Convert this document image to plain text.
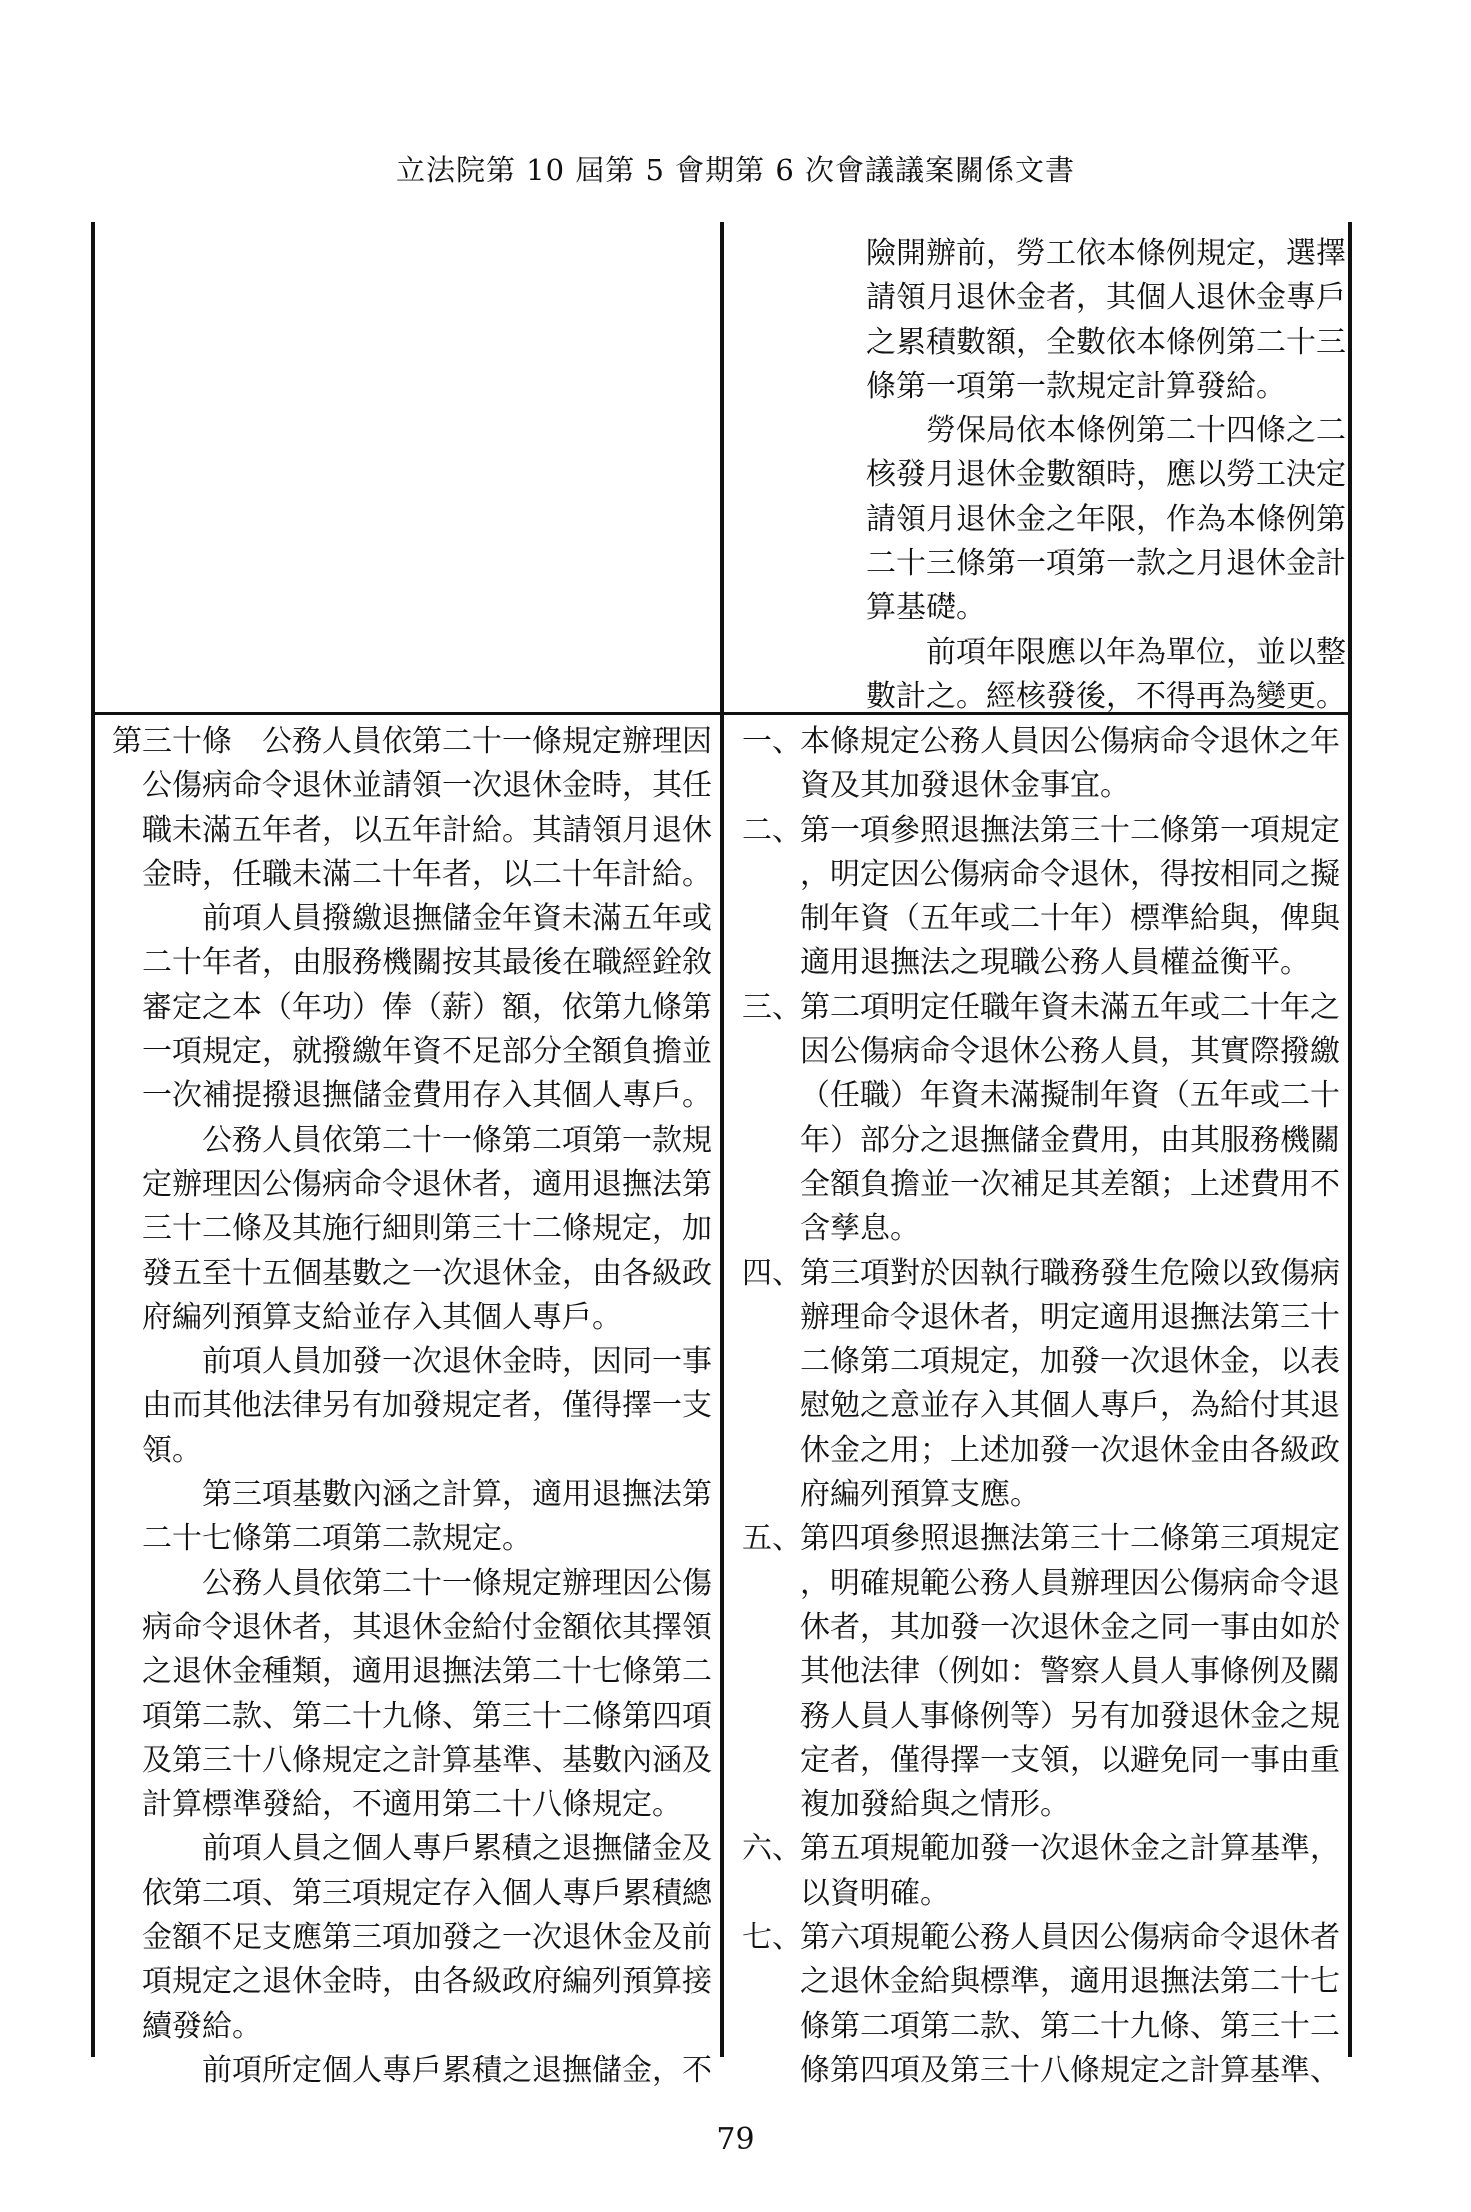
立法院第 10 屆第 5 會期第 6 次會議議案關係文書
險開辦前，勞工依本條例規定，選擇
請領月退休金者，其個人退休金專戶
之累積數額，全數依本條例第二十三
條第一項第一款規定計算發給。
　　勞保局依本條例第二十四條之二
核發月退休金數額時，應以勞工決定
請領月退休金之年限，作為本條例第
二十三條第一項第一款之月退休金計
算基礎。
　　前項年限應以年為單位，並以整
數計之。經核發後，不得再為變更。
第三十條　公務人員依第二十一條規定辦理因
公傷病命令退休並請領一次退休金時，其任
職未滿五年者，以五年計給。其請領月退休
金時，任職未滿二十年者，以二十年計給。
　　前項人員撥繳退撫儲金年資未滿五年或
二十年者，由服務機關按其最後在職經銓敘
審定之本（年功）俸（薪）額，依第九條第
一項規定，就撥繳年資不足部分全額負擔並
一次補提撥退撫儲金費用存入其個人專戶。
　　公務人員依第二十一條第二項第一款規
定辦理因公傷病命令退休者，適用退撫法第
三十二條及其施行細則第三十二條規定，加
發五至十五個基數之一次退休金，由各級政
府編列預算支給並存入其個人專戶。
　　前項人員加發一次退休金時，因同一事
由而其他法律另有加發規定者，僅得擇一支
領。
　　第三項基數內涵之計算，適用退撫法第
二十七條第二項第二款規定。
　　公務人員依第二十一條規定辦理因公傷
病命令退休者，其退休金給付金額依其擇領
之退休金種類，適用退撫法第二十七條第二
項第二款、第二十九條、第三十二條第四項
及第三十八條規定之計算基準、基數內涵及
計算標準發給，不適用第二十八條規定。
　　前項人員之個人專戶累積之退撫儲金及
依第二項、第三項規定存入個人專戶累積總
金額不足支應第三項加發之一次退休金及前
項規定之退休金時，由各級政府編列預算接
續發給。
　　前項所定個人專戶累積之退撫儲金，不
一、
本條規定公務人員因公傷病命令退休之年
資及其加發退休金事宜。
二、
第一項參照退撫法第三十二條第一項規定
，明定因公傷病命令退休，得按相同之擬
制年資（五年或二十年）標準給與，俾與
適用退撫法之現職公務人員權益衡平。
三、
第二項明定任職年資未滿五年或二十年之
因公傷病命令退休公務人員，其實際撥繳
（任職）年資未滿擬制年資（五年或二十
年）部分之退撫儲金費用，由其服務機關
全額負擔並一次補足其差額；上述費用不
含孳息。
四、
第三項對於因執行職務發生危險以致傷病
辦理命令退休者，明定適用退撫法第三十
二條第二項規定，加發一次退休金，以表
慰勉之意並存入其個人專戶，為給付其退
休金之用；上述加發一次退休金由各級政
府編列預算支應。
五、
第四項參照退撫法第三十二條第三項規定
，明確規範公務人員辦理因公傷病命令退
休者，其加發一次退休金之同一事由如於
其他法律（例如：警察人員人事條例及關
務人員人事條例等）另有加發退休金之規
定者，僅得擇一支領，以避免同一事由重
複加發給與之情形。
六、
第五項規範加發一次退休金之計算基準，
以資明確。
七、
第六項規範公務人員因公傷病命令退休者
之退休金給與標準，適用退撫法第二十七
條第二項第二款、第二十九條、第三十二
條第四項及第三十八條規定之計算基準、
79
